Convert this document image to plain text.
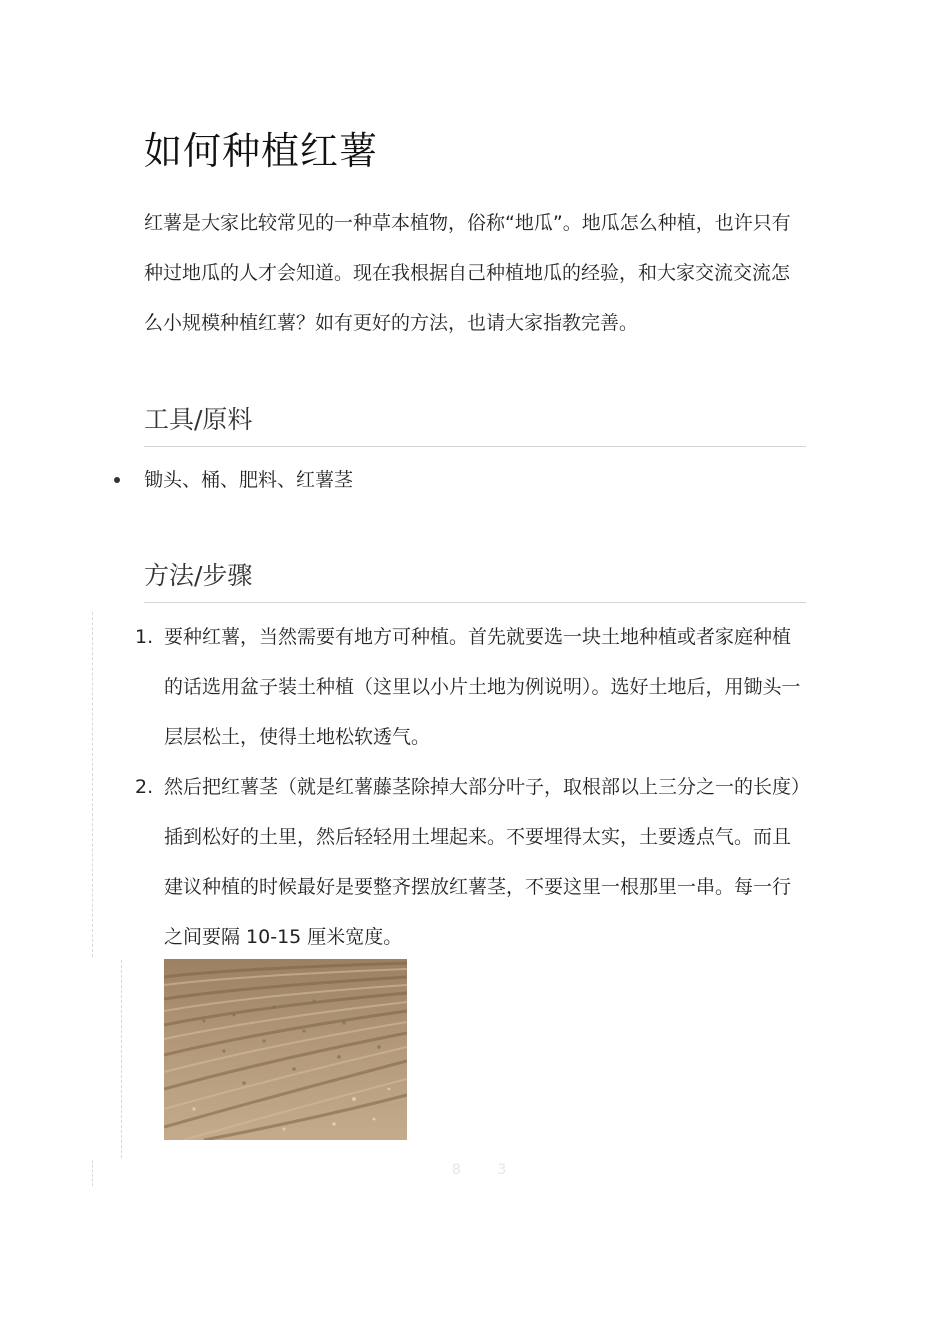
如何种植红薯

红薯是大家比较常见的一种草本植物，俗称“地瓜”。地瓜怎么种植，也许只有种过地瓜的人才会知道。现在我根据自己种植地瓜的经验，和大家交流交流怎么小规模种植红薯？如有更好的方法，也请大家指教完善。

工具/原料
锄头、桶、肥料、红薯茎
方法/步骤
1. 要种红薯，当然需要有地方可种植。首先就要选一块土地种植或者家庭种植的话选用盆子装土种植（这里以小片土地为例说明）。选好土地后，用锄头一层层松土，使得土地松软透气。
2. 然后把红薯茎（就是红薯藤茎除掉大部分叶子，取根部以上三分之一的长度）插到松好的土里，然后轻轻用土埋起来。不要埋得太实，土要透点气。而且建议种植的时候最好是要整齐摆放红薯茎，不要这里一根那里一串。每一行之间要隔 10-15 厘米宽度。
8 3
